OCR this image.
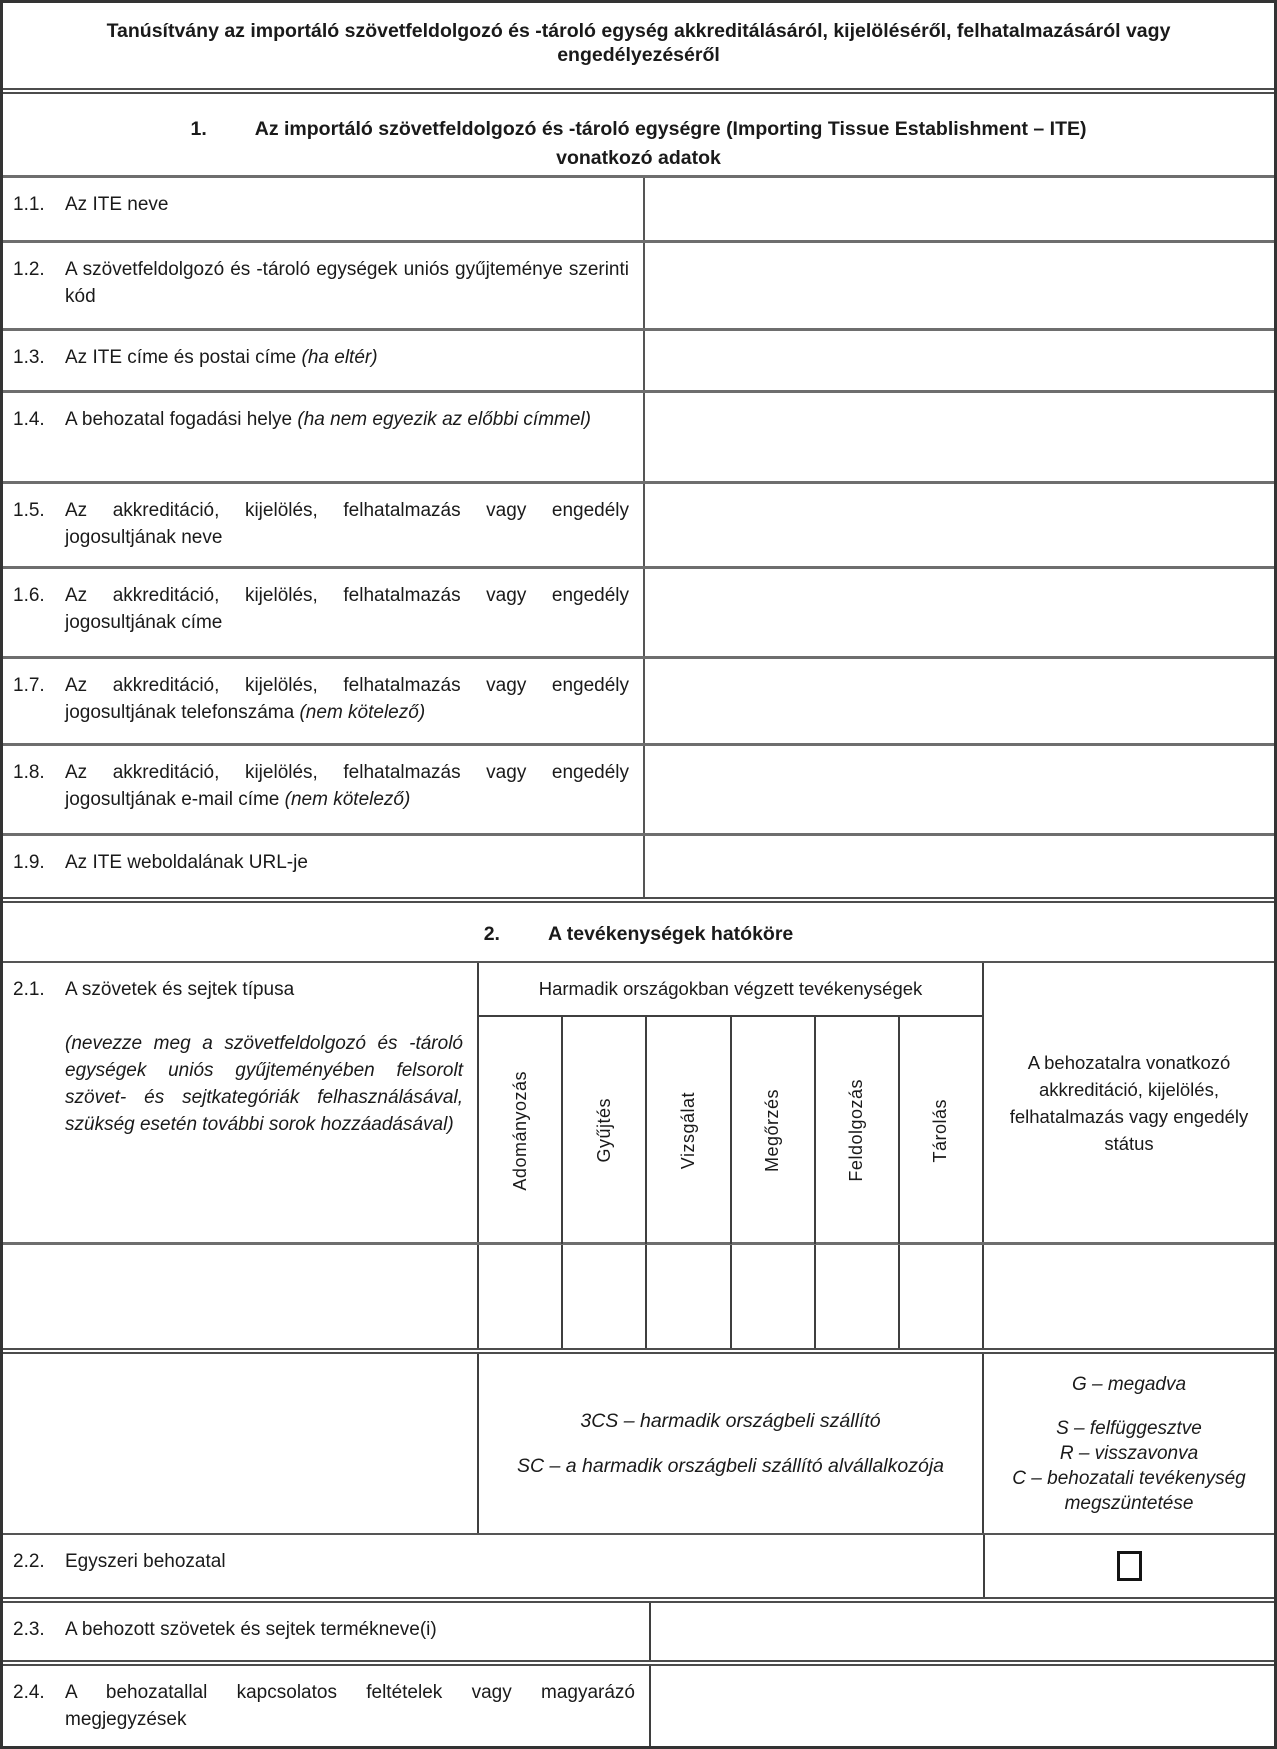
Tanúsítvány az importáló szövetfeldolgozó és -tároló egység akkreditálásáról, kijelöléséről, felhatalmazásáról vagy engedélyezéséről
1. Az importáló szövetfeldolgozó és -tároló egységre (Importing Tissue Establishment – ITE) vonatkozó adatok
1.1.	Az ITE neve
1.2.	A szövetfeldolgozó és -tároló egységek uniós gyűjteménye szerinti kód
1.3.	Az ITE címe és postai címe (ha eltér)
1.4.	A behozatal fogadási helye (ha nem egyezik az előbbi címmel)
1.5.	Az akkreditáció, kijelölés, felhatalmazás vagy engedély jogosultjának neve
1.6.	Az akkreditáció, kijelölés, felhatalmazás vagy engedély jogosultjának címe
1.7.	Az akkreditáció, kijelölés, felhatalmazás vagy engedély jogosultjának telefonszáma (nem kötelező)
1.8.	Az akkreditáció, kijelölés, felhatalmazás vagy engedély jogosultjának e-mail címe (nem kötelező)
1.9.	Az ITE weboldalának URL-je
2. A tevékenységek hatóköre
2.1.	A szövetek és sejtek típusa
(nevezze meg a szövetfeldolgozó és -tároló egységek uniós gyűjteményében felsorolt szövet- és sejtkategóriák felhasználásával, szükség esetén további sorok hozzáadásával)
Harmadik országokban végzett tevékenységek
Adományozás	Gyűjtés	Vizsgálat	Megőrzés	Feldolgozás	Tárolás
A behozatalra vonatkozó akkreditáció, kijelölés, felhatalmazás vagy engedély státus
3CS – harmadik országbeli szállító
SC – a harmadik országbeli szállító alvállalkozója
G – megadva
S – felfüggesztve
R – visszavonva
C – behozatali tevékenység megszüntetése
2.2.	Egyszeri behozatal
2.3.	A behozott szövetek és sejtek termékneve(i)
2.4.	A behozatallal kapcsolatos feltételek vagy magyarázó megjegyzések
